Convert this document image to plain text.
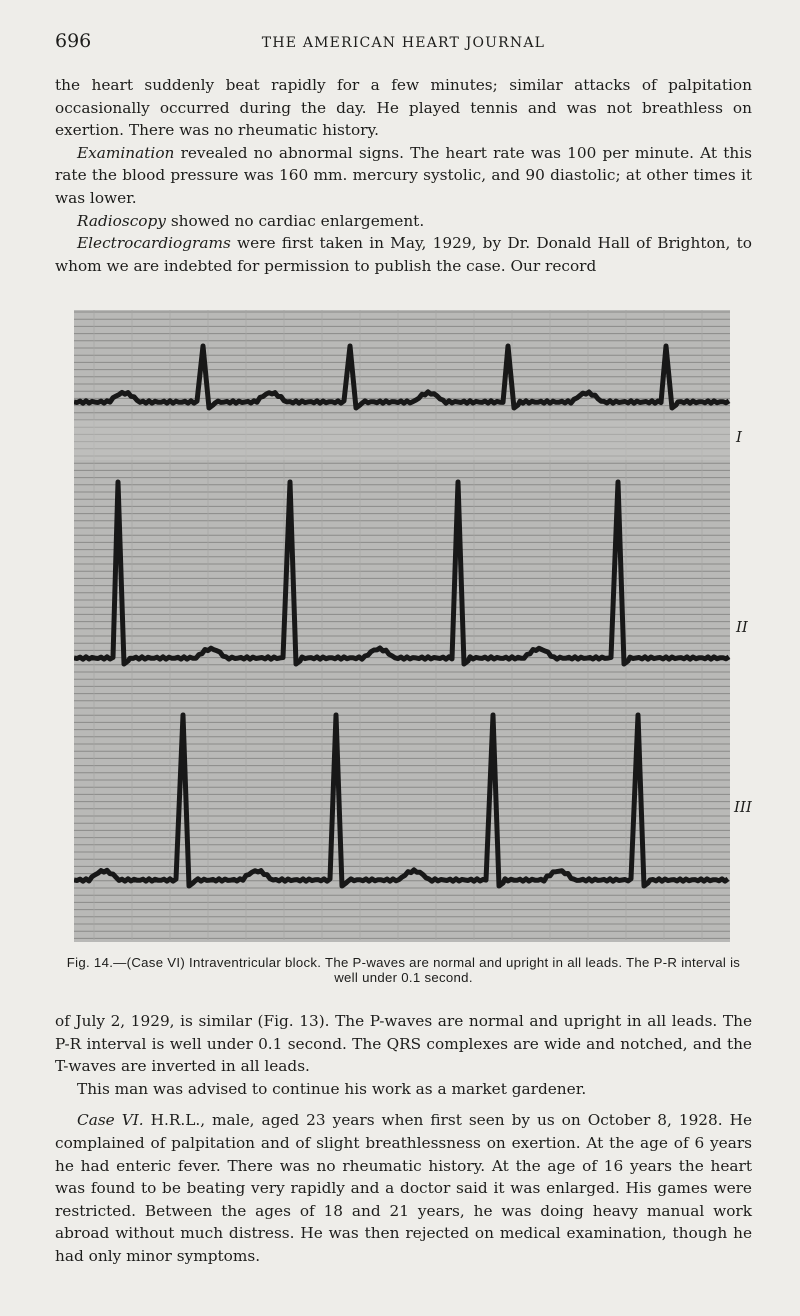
696	THE AMERICAN HEART JOURNAL

the heart suddenly beat rapidly for a few minutes; similar attacks of palpitation occasionally occurred during the day. He played tennis and was not breathless on exertion. There was no rheumatic history.

Examination revealed no abnormal signs. The heart rate was 100 per minute. At this rate the blood pressure was 160 mm. mercury systolic, and 90 diastolic; at other times it was lower.

Radioscopy showed no cardiac enlargement.

Electrocardiograms were first taken in May, 1929, by Dr. Donald Hall of Brighton, to whom we are indebted for permission to publish the case. Our record

I
II
III
Fig. 14.—(Case VI) Intraventricular block. The P-waves are normal and upright in all leads. The P-R interval is well under 0.1 second.

of July 2, 1929, is similar (Fig. 13). The P-waves are normal and upright in all leads. The P-R interval is well under 0.1 second. The QRS complexes are wide and notched, and the T-waves are inverted in all leads.

This man was advised to continue his work as a market gardener.

Case VI. H.R.L., male, aged 23 years when first seen by us on October 8, 1928. He complained of palpitation and of slight breathlessness on exertion. At the age of 6 years he had enteric fever. There was no rheumatic history. At the age of 16 years the heart was found to be beating very rapidly and a doctor said it was enlarged. His games were restricted. Between the ages of 18 and 21 years, he was doing heavy manual work abroad without much distress. He was then rejected on medical examination, though he had only minor symptoms.
